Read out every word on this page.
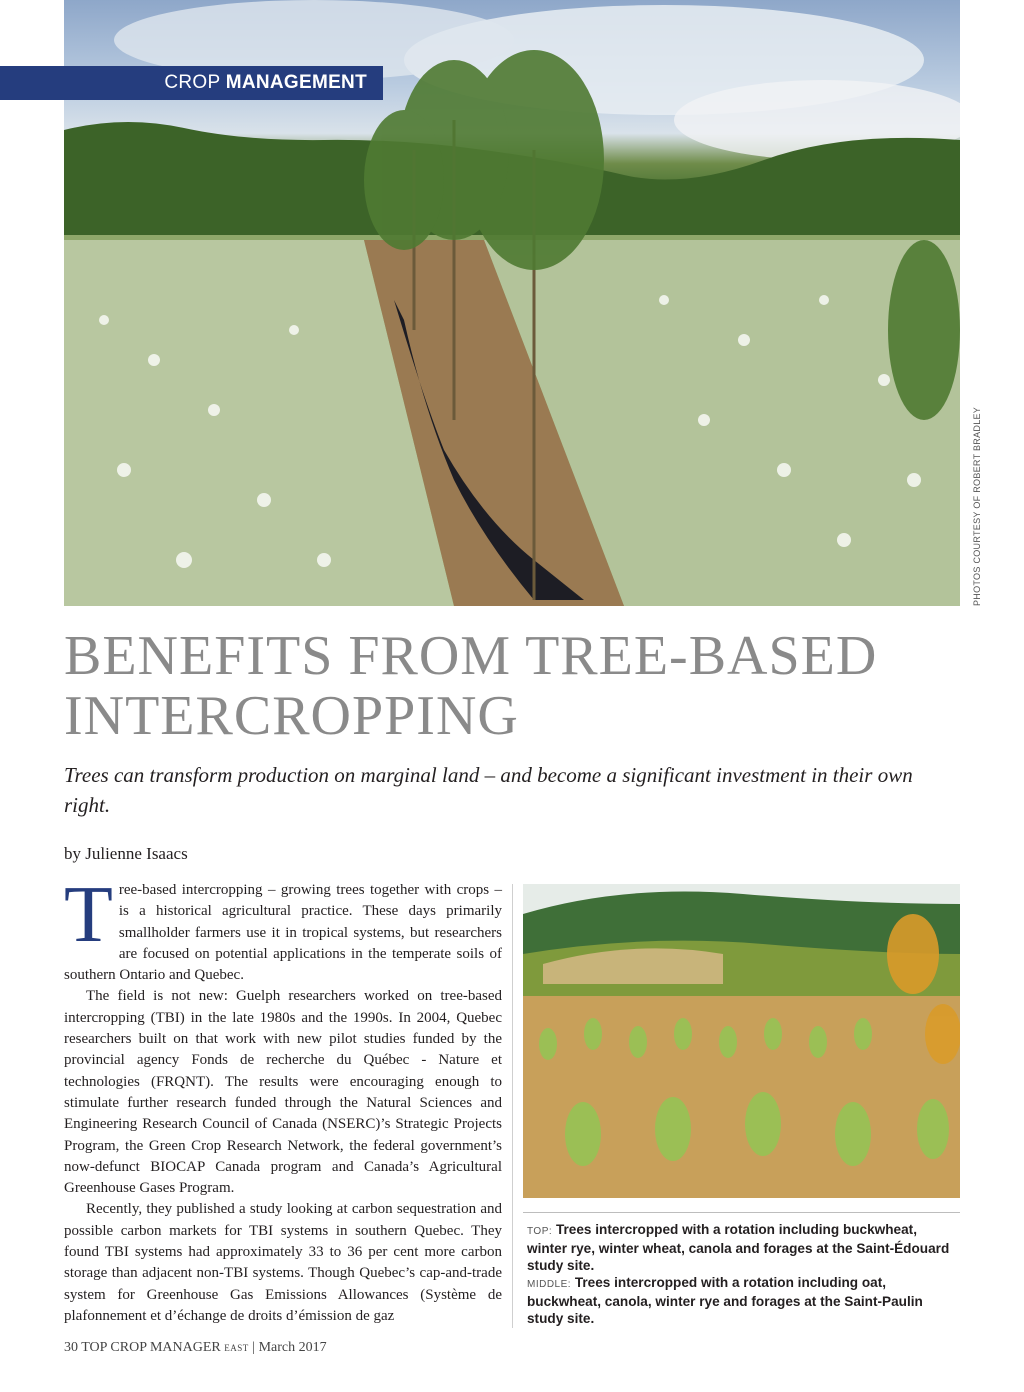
PHOTOS COURTESY OF ROBERT BRADLEY
CROP MANAGEMENT
BENEFITS FROM TREE-BASED
INTERCROPPING

Trees can transform production on marginal land – and become a significant investment in their own right.

by Julienne Isaacs

Tree-based intercropping – growing trees together with crops – is a historical agricultural practice. These days primarily smallholder farmers use it in tropical systems, but researchers are focused on potential applications in the temperate soils of southern Ontario and Quebec.

The field is not new: Guelph researchers worked on tree-based intercropping (TBI) in the late 1980s and the 1990s. In 2004, Quebec researchers built on that work with new pilot studies funded by the provincial agency Fonds de recherche du Québec - Nature et technologies (FRQNT). The results were encouraging enough to stimulate further research funded through the Natural Sciences and Engineering Research Council of Canada (NSERC)’s Strategic Projects Program, the Green Crop Research Network, the federal government’s now-defunct BIOCAP Canada program and Canada’s Agricultural Greenhouse Gases Program.

Recently, they published a study looking at carbon sequestration and possible carbon markets for TBI systems in southern Quebec. They found TBI systems had approximately 33 to 36 per cent more carbon storage than adjacent non-TBI systems. Though Quebec’s cap-and-trade system for Greenhouse Gas Emissions Allowances (Système de plafonnement et d’échange de droits d’émission de gaz

TOP: Trees intercropped with a rotation including buckwheat, winter rye, winter wheat, canola and forages at the Saint-Édouard study site.
MIDDLE: Trees intercropped with a rotation including oat, buckwheat, canola, winter rye and forages at the Saint-Paulin study site.

30 TOP CROP MANAGER EAST | March 2017
